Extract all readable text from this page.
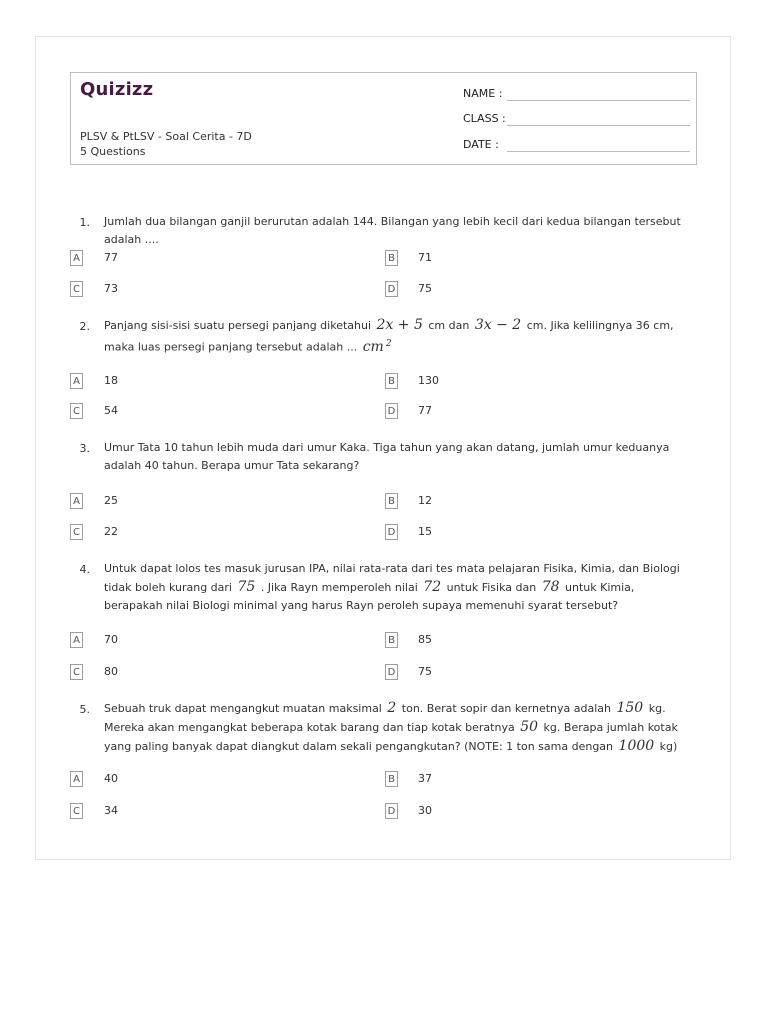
Quizizz
PLSV & PtLSV - Soal Cerita - 7D
5 Questions
NAME :
CLASS :
DATE :
1. Jumlah dua bilangan ganjil berurutan adalah 144. Bilangan yang lebih kecil dari kedua bilangan tersebut adalah ....
A 77	B 71
C 73	D 75
2. Panjang sisi-sisi suatu persegi panjang diketahui 2x + 5 cm dan 3x − 2 cm. Jika kelilingnya 36 cm, maka luas persegi panjang tersebut adalah ... cm $^2$
A 18	B 130
C 54	D 77
3. Umur Tata 10 tahun lebih muda dari umur Kaka. Tiga tahun yang akan datang, jumlah umur keduanya adalah 40 tahun. Berapa umur Tata sekarang?
A 25	B 12
C 22	D 15
4. Untuk dapat lolos tes masuk jurusan IPA, nilai rata-rata dari tes mata pelajaran Fisika, Kimia, dan Biologi tidak boleh kurang dari 75 . Jika Rayn memperoleh nilai 72 untuk Fisika dan 78 untuk Kimia, berapakah nilai Biologi minimal yang harus Rayn peroleh supaya memenuhi syarat tersebut?
A 70	B 85
C 80	D 75
5. Sebuah truk dapat mengangkut muatan maksimal 2 ton. Berat sopir dan kernetnya adalah 150 kg. Mereka akan mengangkat beberapa kotak barang dan tiap kotak beratnya 50 kg. Berapa jumlah kotak yang paling banyak dapat diangkut dalam sekali pengangkutan? (NOTE: 1 ton sama dengan 1000 kg)
A 40	B 37
C 34	D 30
